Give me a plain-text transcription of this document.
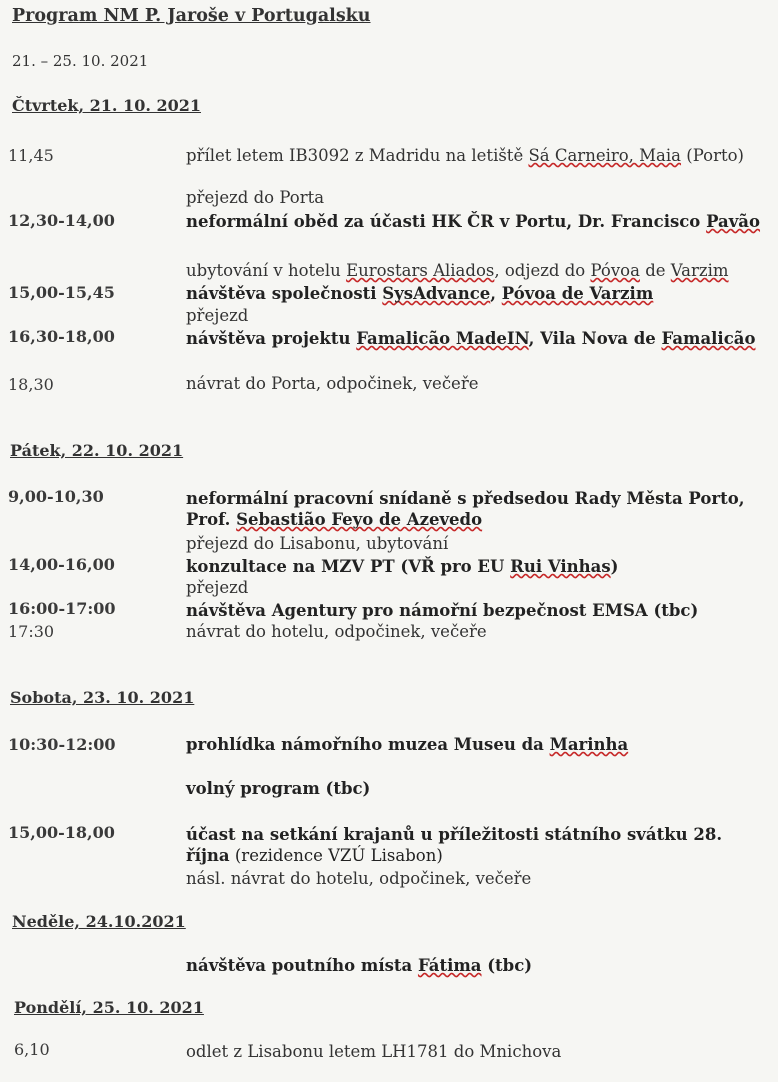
Program NM P. Jaroše v Portugalsku
21. – 25. 10. 2021
Čtvrtek, 21. 10. 2021
11,45	přílet letem IB3092 z Madridu na letiště Sá Carneiro, Maia (Porto)
přejezd do Porta
12,30-14,00	neformální oběd za účasti HK ČR v Portu, Dr. Francisco Pavão
ubytování v hotelu Eurostars Aliados, odjezd do Póvoa de Varzim
15,00-15,45	návštěva společnosti SysAdvance, Póvoa de Varzim
přejezd
16,30-18,00	návštěva projektu Famalicão MadeIN, Vila Nova de Famalicão
18,30	návrat do Porta, odpočinek, večeře
Pátek, 22. 10. 2021
9,00-10,30	neformální pracovní snídaně s předsedou Rady Města Porto, Prof. Sebastião Feyo de Azevedo
přejezd do Lisabonu, ubytování
14,00-16,00	konzultace na MZV PT (VŘ pro EU Rui Vinhas)
přejezd
16:00-17:00	návštěva Agentury pro námořní bezpečnost EMSA (tbc)
17:30	návrat do hotelu, odpočinek, večeře
Sobota, 23. 10. 2021
10:30-12:00	prohlídka námořního muzea Museu da Marinha
volný program (tbc)
15,00-18,00	účast na setkání krajanů u příležitosti státního svátku 28. října (rezidence VZÚ Lisabon)
násl. návrat do hotelu, odpočinek, večeře
Neděle, 24.10.2021
návštěva poutního místa Fátima (tbc)
Pondělí, 25. 10. 2021
6,10	odlet z Lisabonu letem LH1781 do Mnichova
